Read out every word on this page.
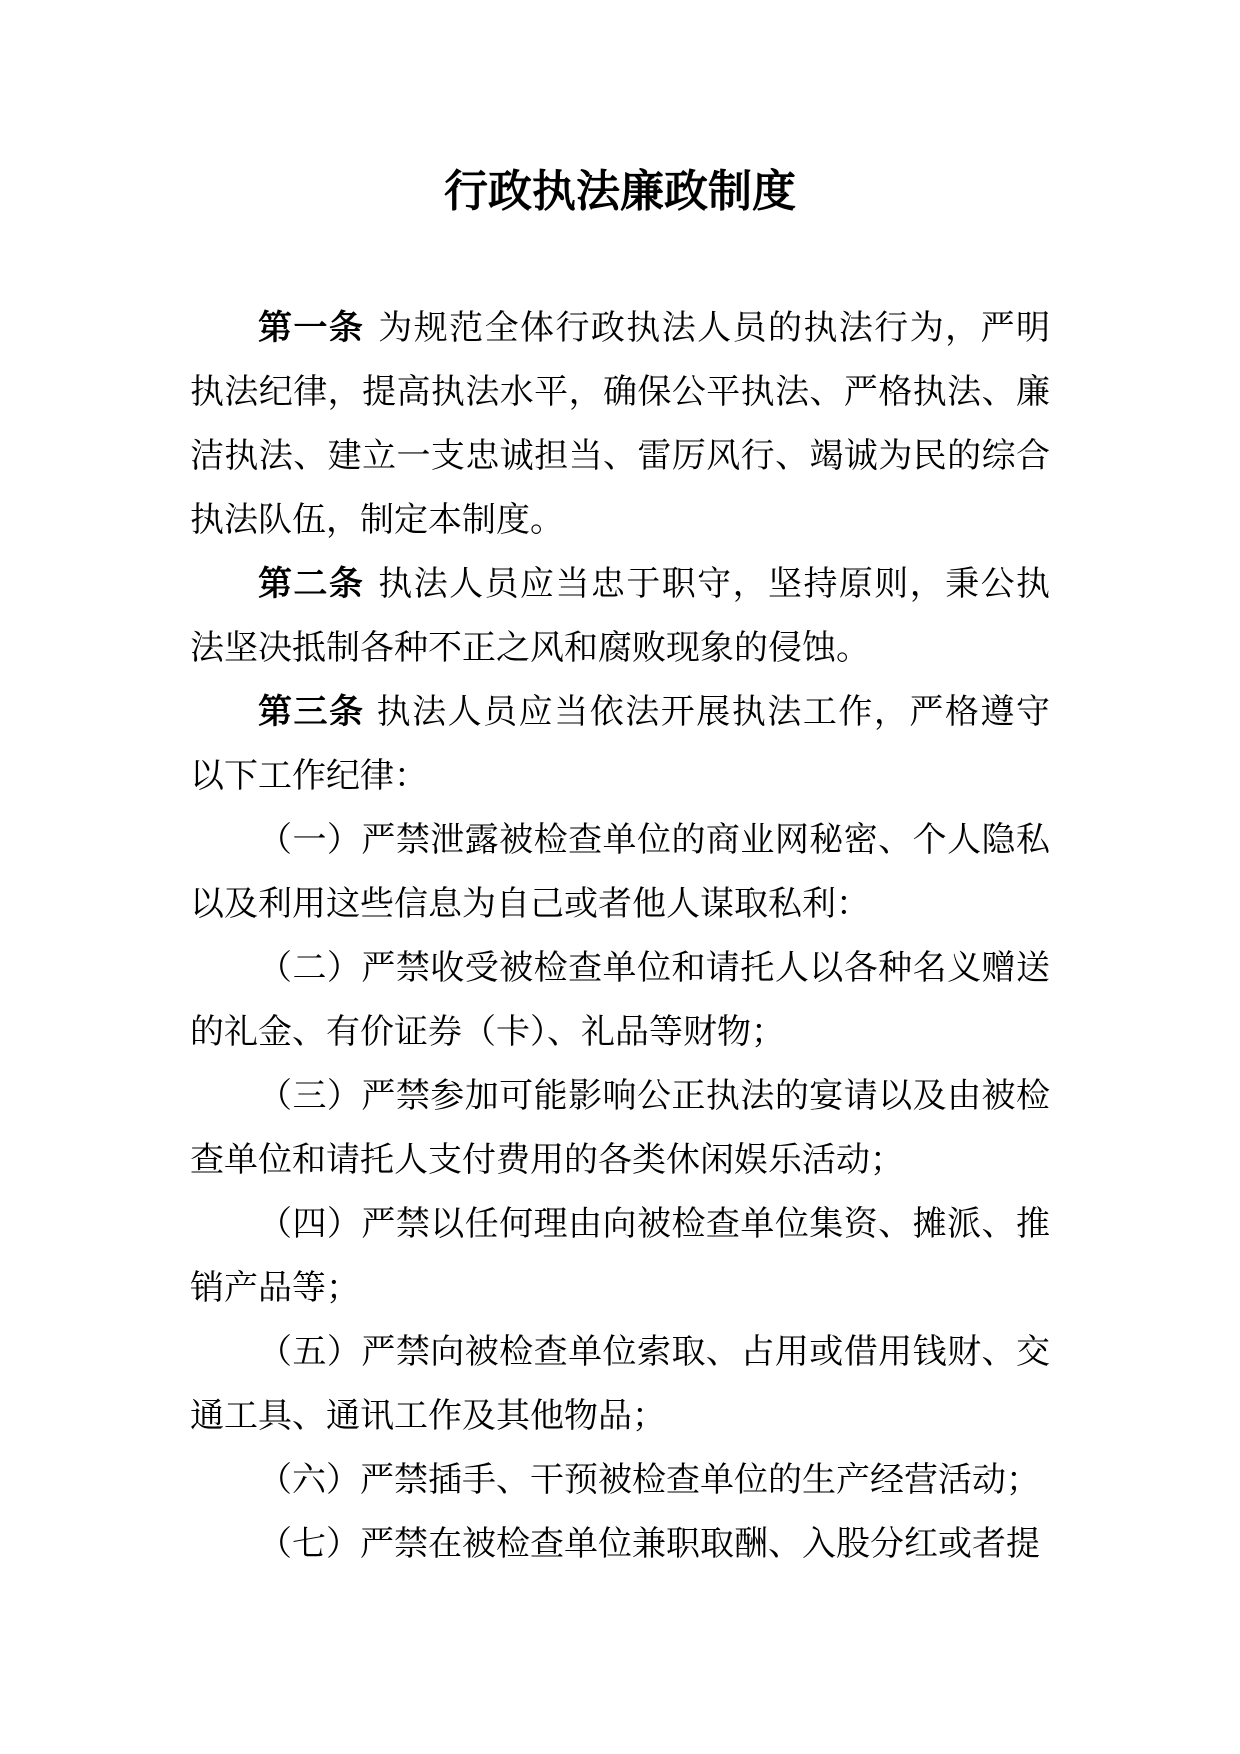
行政执法廉政制度

第一条 为规范全体行政执法人员的执法行为，严明执法纪律，提高执法水平，确保公平执法、严格执法、廉洁执法、建立一支忠诚担当、雷厉风行、竭诚为民的综合执法队伍，制定本制度。

第二条 执法人员应当忠于职守，坚持原则，秉公执法坚决抵制各种不正之风和腐败现象的侵蚀。

第三条 执法人员应当依法开展执法工作，严格遵守以下工作纪律：

（一）严禁泄露被检查单位的商业网秘密、个人隐私以及利用这些信息为自己或者他人谋取私利：

（二）严禁收受被检查单位和请托人以各种名义赠送的礼金、有价证券（卡）、礼品等财物；

（三）严禁参加可能影响公正执法的宴请以及由被检查单位和请托人支付费用的各类休闲娱乐活动；

（四）严禁以任何理由向被检查单位集资、摊派、推销产品等；

（五）严禁向被检查单位索取、占用或借用钱财、交通工具、通讯工作及其他物品；

（六）严禁插手、干预被检查单位的生产经营活动；

（七）严禁在被检查单位兼职取酬、入股分红或者提
